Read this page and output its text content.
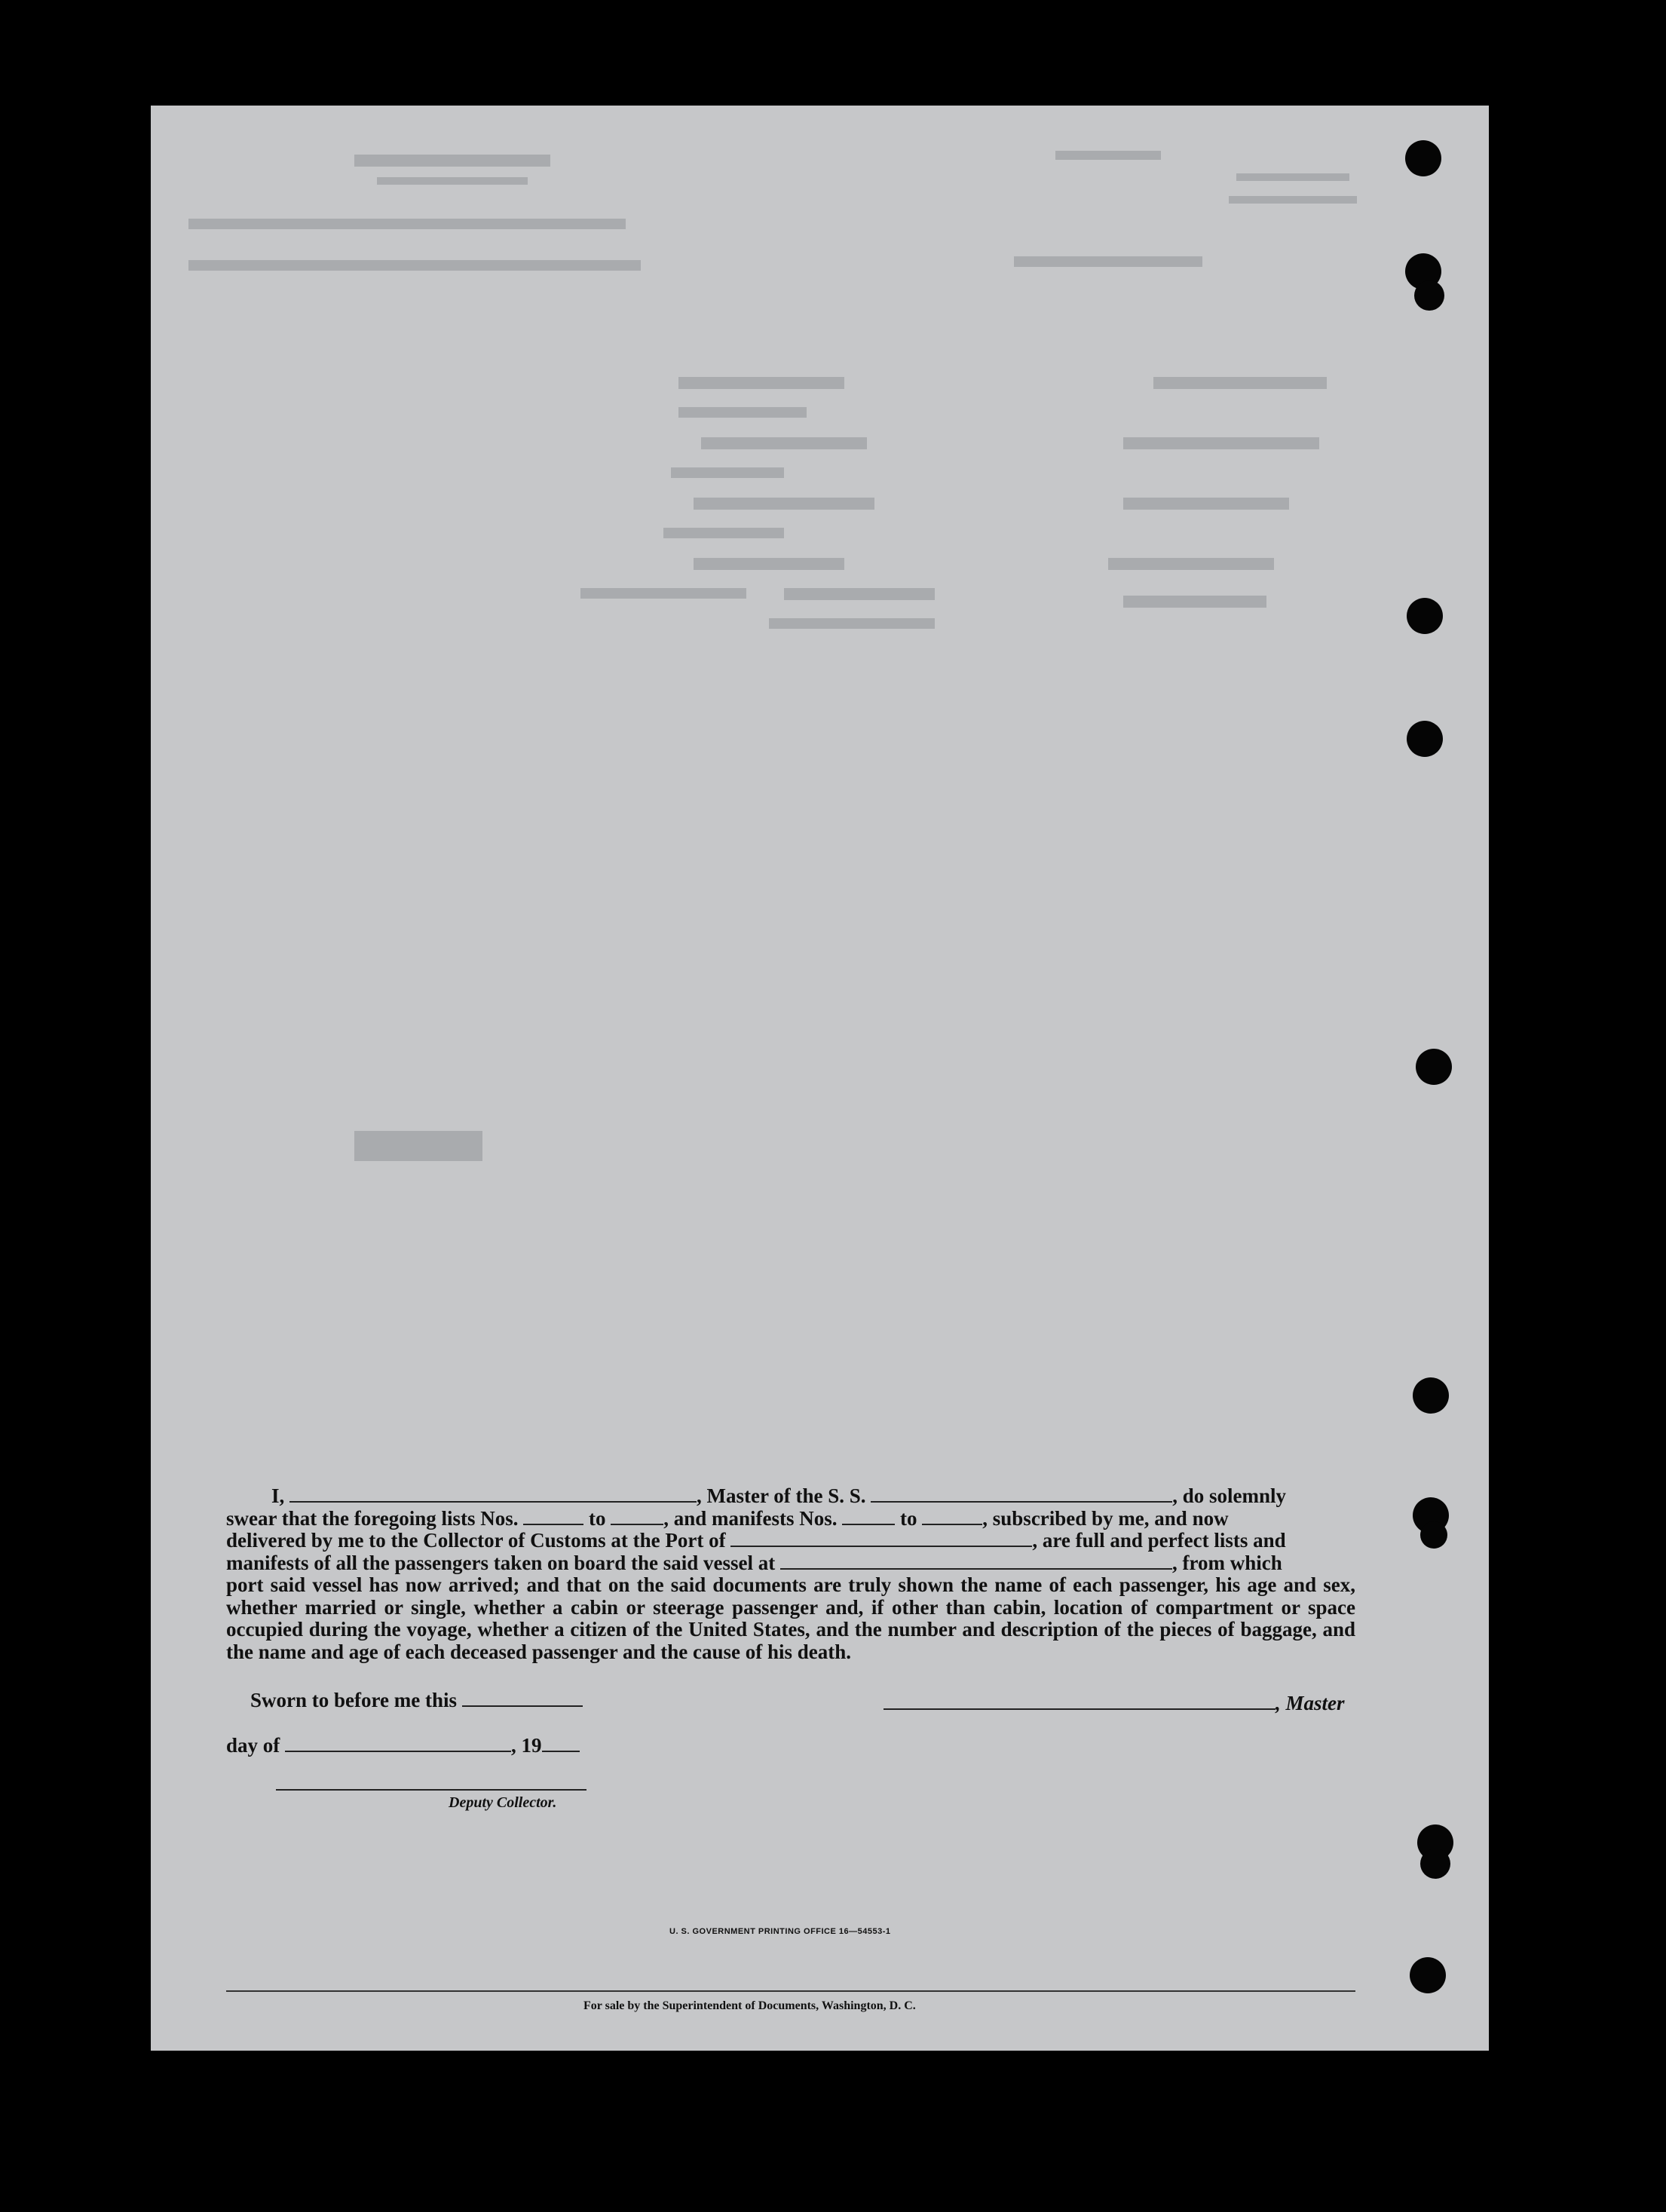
I,	, Master of the S. S.	, do solemnly

swear that the foregoing lists Nos.	to	, and manifests Nos.	to	, subscribed by me, and now

delivered by me to the Collector of Customs at the Port of	, are full and perfect lists and

manifests of all the passengers taken on board the said vessel at	, from which

port said vessel has now arrived; and that on the said documents are truly shown the name of each passenger, his age and sex, whether married or single, whether a cabin or steerage passenger and, if other than cabin, location of compartment or space occupied during the voyage, whether a citizen of the United States, and the number and description of the pieces of baggage, and the name and age of each deceased passenger and the cause of his death.

Sworn to before me this	, Master
day of	, 19
Deputy Collector.
U. S. GOVERNMENT PRINTING OFFICE 16—54553-1
For sale by the Superintendent of Documents, Washington, D. C.
